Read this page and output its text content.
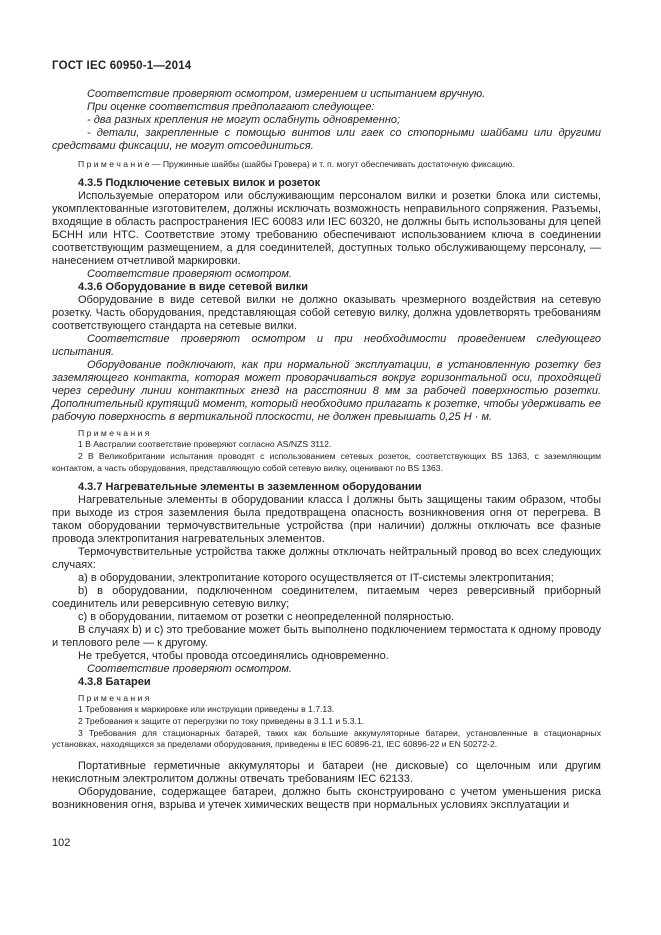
ГОСТ IEC 60950-1—2014

Соответствие проверяют осмотром, измерением и испытанием вручную.

При оценке соответствия предполагают следующее:

- два разных крепления не могут ослабнуть одновременно;

- детали, закрепленные с помощью винтов или гаек со стопорными шайбами или другими средствами фиксации, не могут отсоединиться.

П р и м е ч а н и е — Пружинные шайбы (шайбы Гровера) и т. п. могут обеспечивать достаточную фиксацию.

4.3.5 Подключение сетевых вилок и розеток

Используемые оператором или обслуживающим персоналом вилки и розетки блока или системы, укомплектованные изготовителем, должны исключать возможность неправильного сопряжения. Разъемы, входящие в область распространения IEC 60083 или IEC 60320, не должны быть использованы для цепей БСНН или НТС. Соответствие этому требованию обеспечивают использованием ключа в соединении соответствующим размещением, а для соединителей, доступных только обслуживающему персоналу, — нанесением отчетливой маркировки.

Соответствие проверяют осмотром.

4.3.6 Оборудование в виде сетевой вилки

Оборудование в виде сетевой вилки не должно оказывать чрезмерного воздействия на сетевую розетку. Часть оборудования, представляющая собой сетевую вилку, должна удовлетворять требованиям соответствующего стандарта на сетевые вилки.

Соответствие проверяют осмотром и при необходимости проведением следующего испытания.

Оборудование подключают, как при нормальной эксплуатации, в установленную розетку без заземляющего контакта, которая может проворачиваться вокруг горизонтальной оси, проходящей через середину линии контактных гнезд на расстоянии 8 мм за рабочей поверхностью розетки. Дополнительный крутящий момент, который необходимо прилагать к розетке, чтобы удерживать ее рабочую поверхность в вертикальной плоскости, не должен превышать 0,25 Н · м.

П р и м е ч а н и я

1 В Австралии соответствие проверяют согласно AS/NZS 3112.

2 В Великобритании испытания проводят с использованием сетевых розеток, соответствующих BS 1363, с заземляющим контактом, а часть оборудования, представляющую собой сетевую вилку, оценивают по BS 1363.

4.3.7 Нагревательные элементы в заземленном оборудовании

Нагревательные элементы в оборудовании класса I должны быть защищены таким образом, чтобы при выходе из строя заземления была предотвращена опасность возникновения огня от перегрева. В таком оборудовании термочувствительные устройства (при наличии) должны отключать все фазные провода электропитания нагревательных элементов.

Термочувствительные устройства также должны отключать нейтральный провод во всех следующих случаях:

a) в оборудовании, электропитание которого осуществляется от IT-системы электропитания;

b) в оборудовании, подключенном соединителем, питаемым через реверсивный приборный соединитель или реверсивную сетевую вилку;

c) в оборудовании, питаемом от розетки с неопределенной полярностью.

В случаях b) и c) это требование может быть выполнено подключением термостата к одному проводу и теплового реле — к другому.

Не требуется, чтобы провода отсоединялись одновременно.

Соответствие проверяют осмотром.

4.3.8 Батареи

П р и м е ч а н и я

1 Требования к маркировке или инструкции приведены в 1.7.13.

2 Требования к защите от перегрузки по току приведены в 3.1.1 и 5.3.1.

3 Требования для стационарных батарей, таких как большие аккумуляторные батареи, установленные в стационарных установках, находящихся за пределами оборудования, приведены в IEC 60896-21, IEC 60896-22 и EN 50272-2.

Портативные герметичные аккумуляторы и батареи (не дисковые) со щелочным или другим некислотным электролитом должны отвечать требованиям IEC 62133.

Оборудование, содержащее батареи, должно быть сконструировано с учетом уменьшения риска возникновения огня, взрыва и утечек химических веществ при нормальных условиях эксплуатации и

102
